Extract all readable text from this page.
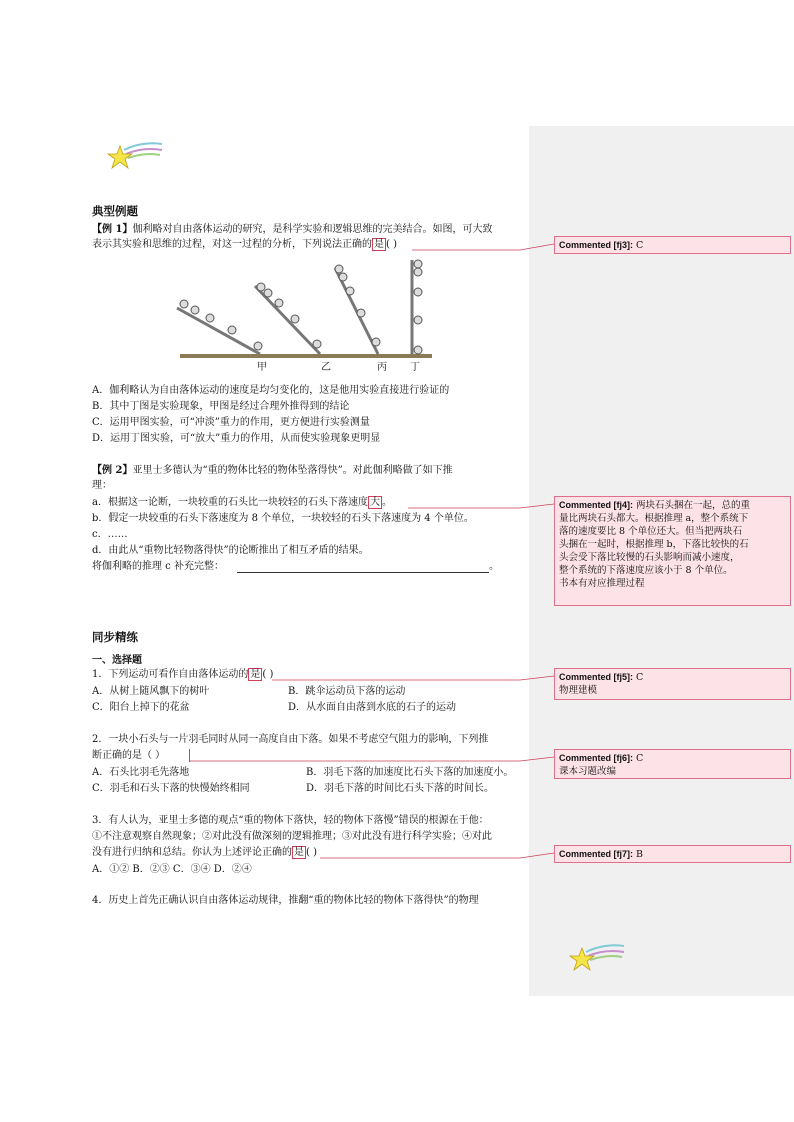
典型例题
【例 1】伽利略对自由落体运动的研究，是科学实验和逻辑思维的完美结合。如图，可大致
表示其实验和思维的过程，对这一过程的分析，下列说法正确的 是 ( )
甲	乙	丙 丁
A．伽利略认为自由落体运动的速度是均匀变化的，这是他用实验直接进行验证的
B．其中丁图是实验现象，甲图是经过合理外推得到的结论
C．运用甲图实验，可“冲淡”重力的作用，更方便进行实验测量
D．运用丁图实验，可“放大”重力的作用，从而使实验现象更明显
【例 2】亚里士多德认为“重的物体比轻的物体坠落得快”。对此伽利略做了如下推
理：
a．根据这一论断，一块较重的石头比一块较轻的石头下落速度 大 。
b．假定一块较重的石头下落速度为 8 个单位，一块较轻的石头下落速度为 4 个单位。
c．……
d．由此从“重物比轻物落得快”的论断推出了相互矛盾的结果。
将伽利略的推理 c 补充完整：	。
同步精练
一、选择题
1．下列运动可看作自由落体运动的 是 ( )
A．从树上随风飘下的树叶	B．跳伞运动员下落的运动
C．阳台上掉下的花盆	D．从水面自由落到水底的石子的运动
2．一块小石头与一片羽毛同时从同一高度自由下落。如果不考虑空气阻力的影响，下列推
断正确的是（ ）
A．石头比羽毛先落地	B．羽毛下落的加速度比石头下落的加速度小。
C．羽毛和石头下落的快慢始终相同	D．羽毛下落的时间比石头下落的时间长。
3．有人认为，亚里士多德的观点“重的物体下落快，轻的物体下落慢”错误的根源在于他：
①不注意观察自然现象；②对此没有做深刻的逻辑推理；③对此没有进行科学实验；④对此
没有进行归纳和总结。你认为上述评论正确的 是 ( )
A．①② B．②③ C．③④ D．②④
4．历史上首先正确认识自由落体运动规律，推翻“重的物体比轻的物体下落得快”的物理
Commented [fj3]: C
Commented [fj4]: 两块石头捆在一起，总的重
量比两块石头都大。根据推理 a，整个系统下
落的速度要比 8 个单位还大。但当把两块石
头捆在一起时，根据推理 b，下落比较快的石
头会受下落比较慢的石头影响而减小速度，
整个系统的下落速度应该小于 8 个单位。
书本有对应推理过程
Commented [fj5]: C
物理建模
Commented [fj6]: C
课本习题改编
Commented [fj7]: B
